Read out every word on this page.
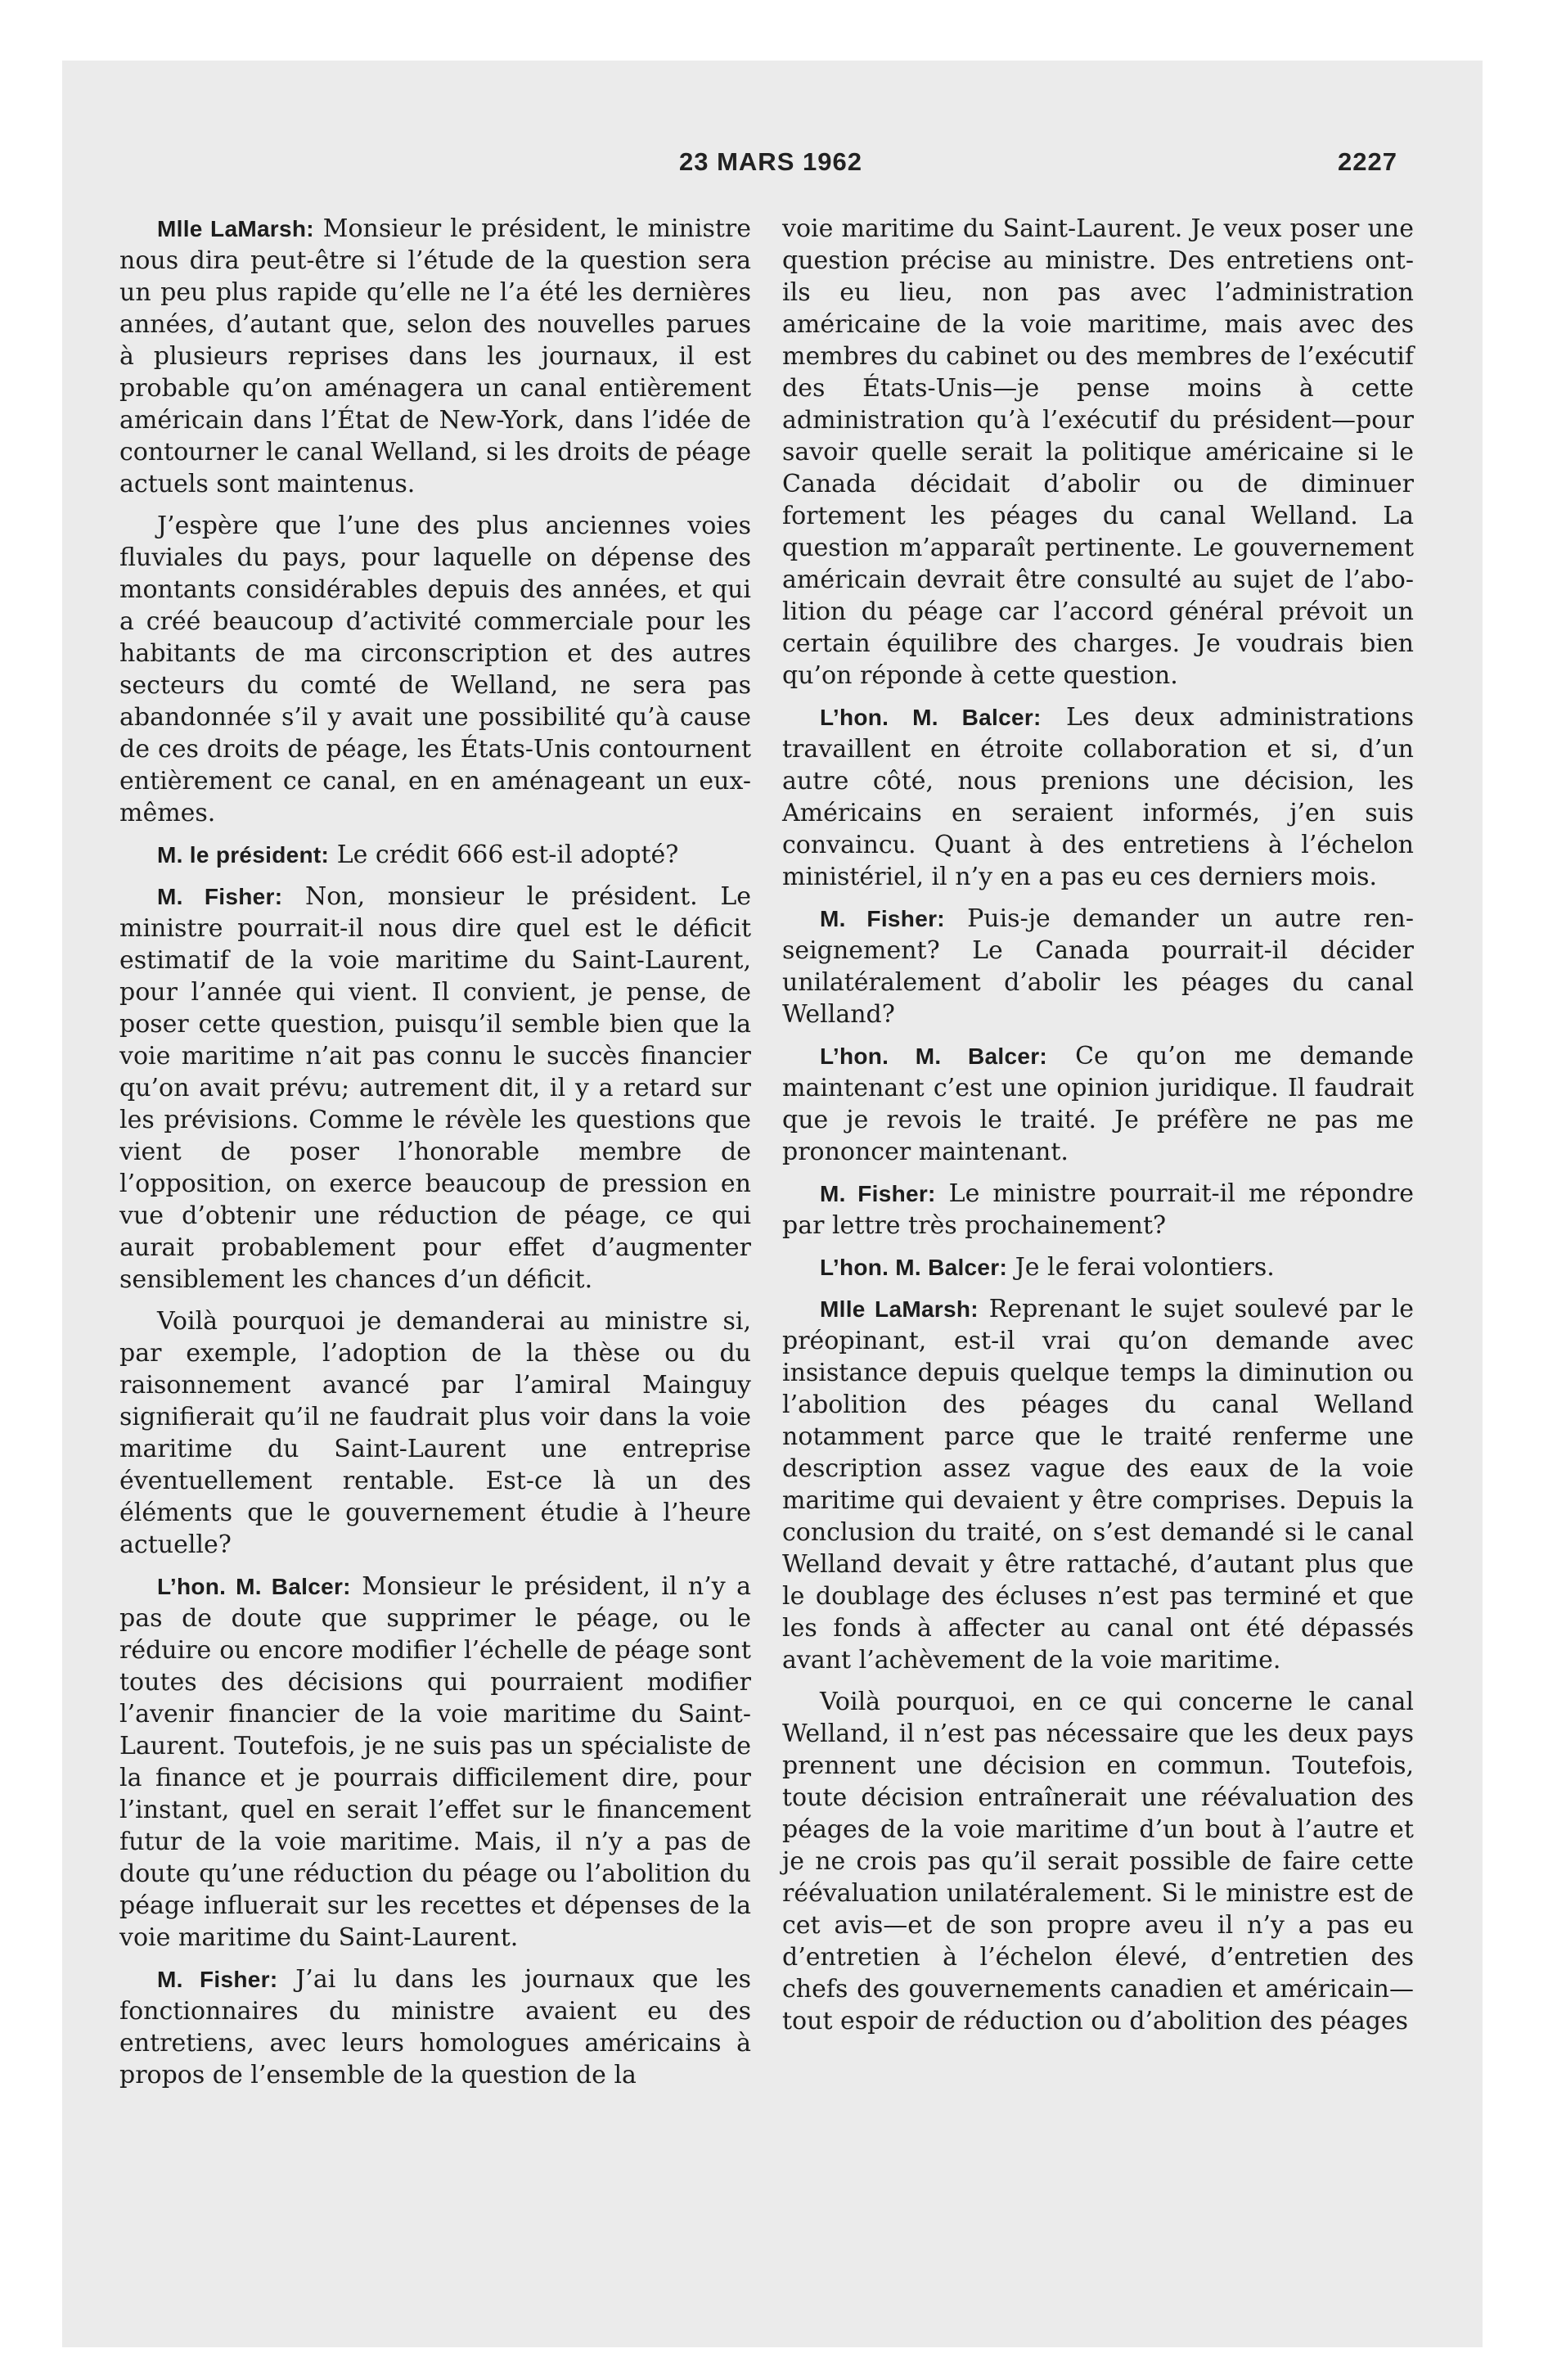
23 MARS 1962	2227

Mlle LaMarsh: Monsieur le président, le ministre nous dira peut-être si l’étude de la question sera un peu plus rapide qu’elle ne l’a été les dernières années, d’autant que, selon des nouvelles parues à plusieurs reprises dans les journaux, il est probable qu’on aménagera un canal entièrement américain dans l’État de New-York, dans l’idée de contourner le canal Welland, si les droits de péage actuels sont maintenus.

J’espère que l’une des plus anciennes voies fluviales du pays, pour laquelle on dépense des montants considérables depuis des années, et qui a créé beaucoup d’activité commerciale pour les habitants de ma circonscription et des autres secteurs du comté de Welland, ne sera pas abandonnée s’il y avait une possibilité qu’à cause de ces droits de péage, les États-Unis contournent entièrement ce canal, en en aménageant un eux-mêmes.

M. le président: Le crédit 666 est-il adopté?

M. Fisher: Non, monsieur le président. Le ministre pourrait-il nous dire quel est le déficit estimatif de la voie maritime du Saint-Laurent, pour l’année qui vient. Il convient, je pense, de poser cette question, puisqu’il semble bien que la voie maritime n’ait pas connu le succès financier qu’on avait prévu; autrement dit, il y a retard sur les prévisions. Comme le révèle les questions que vient de poser l’honorable membre de l’opposition, on exerce beaucoup de pression en vue d’obtenir une réduction de péage, ce qui aurait probablement pour effet d’augmenter sensiblement les chances d’un déficit.

Voilà pourquoi je demanderai au ministre si, par exemple, l’adoption de la thèse ou du raisonnement avancé par l’amiral Mainguy signifierait qu’il ne faudrait plus voir dans la voie maritime du Saint-Laurent une entreprise éventuellement rentable. Est-ce là un des éléments que le gouvernement étudie à l’heure actuelle?

L’hon. M. Balcer: Monsieur le président, il n’y a pas de doute que supprimer le péage, ou le réduire ou encore modifier l’échelle de péage sont toutes des décisions qui pourraient modifier l’avenir financier de la voie maritime du Saint-Laurent. Toutefois, je ne suis pas un spécialiste de la finance et je pourrais difficilement dire, pour l’instant, quel en serait l’effet sur le financement futur de la voie maritime. Mais, il n’y a pas de doute qu’une réduction du péage ou l’abolition du péage influerait sur les recettes et dépenses de la voie maritime du Saint-Laurent.

M. Fisher: J’ai lu dans les journaux que les fonctionnaires du ministre avaient eu des entretiens, avec leurs homologues américains à propos de l’ensemble de la question de la

voie maritime du Saint-Laurent. Je veux poser une question précise au ministre. Des entretiens ont-ils eu lieu, non pas avec l’administration américaine de la voie maritime, mais avec des membres du cabinet ou des membres de l’exécutif des États-Unis—je pense moins à cette administration qu’à l’exécutif du président—pour savoir quelle serait la politique américaine si le Canada décidait d’abolir ou de diminuer fortement les péages du canal Welland. La question m’apparaît pertinente. Le gouvernement américain devrait être consulté au sujet de l’abolition du péage car l’accord général prévoit un certain équilibre des charges. Je voudrais bien qu’on réponde à cette question.

L’hon. M. Balcer: Les deux administrations travaillent en étroite collaboration et si, d’un autre côté, nous prenions une décision, les Américains en seraient informés, j’en suis convaincu. Quant à des entretiens à l’échelon ministériel, il n’y en a pas eu ces derniers mois.

M. Fisher: Puis-je demander un autre renseignement? Le Canada pourrait-il décider unilatéralement d’abolir les péages du canal Welland?

L’hon. M. Balcer: Ce qu’on me demande maintenant c’est une opinion juridique. Il faudrait que je revois le traité. Je préfère ne pas me prononcer maintenant.

M. Fisher: Le ministre pourrait-il me répondre par lettre très prochainement?

L’hon. M. Balcer: Je le ferai volontiers.

Mlle LaMarsh: Reprenant le sujet soulevé par le préopinant, est-il vrai qu’on demande avec insistance depuis quelque temps la diminution ou l’abolition des péages du canal Welland notamment parce que le traité renferme une description assez vague des eaux de la voie maritime qui devaient y être comprises. Depuis la conclusion du traité, on s’est demandé si le canal Welland devait y être rattaché, d’autant plus que le doublage des écluses n’est pas terminé et que les fonds à affecter au canal ont été dépassés avant l’achèvement de la voie maritime.

Voilà pourquoi, en ce qui concerne le canal Welland, il n’est pas nécessaire que les deux pays prennent une décision en commun. Toutefois, toute décision entraînerait une réévaluation des péages de la voie maritime d’un bout à l’autre et je ne crois pas qu’il serait possible de faire cette réévaluation unilatéralement. Si le ministre est de cet avis—et de son propre aveu il n’y a pas eu d’entretien à l’échelon élevé, d’entretien des chefs des gouvernements canadien et américain—tout espoir de réduction ou d’abolition des péages
